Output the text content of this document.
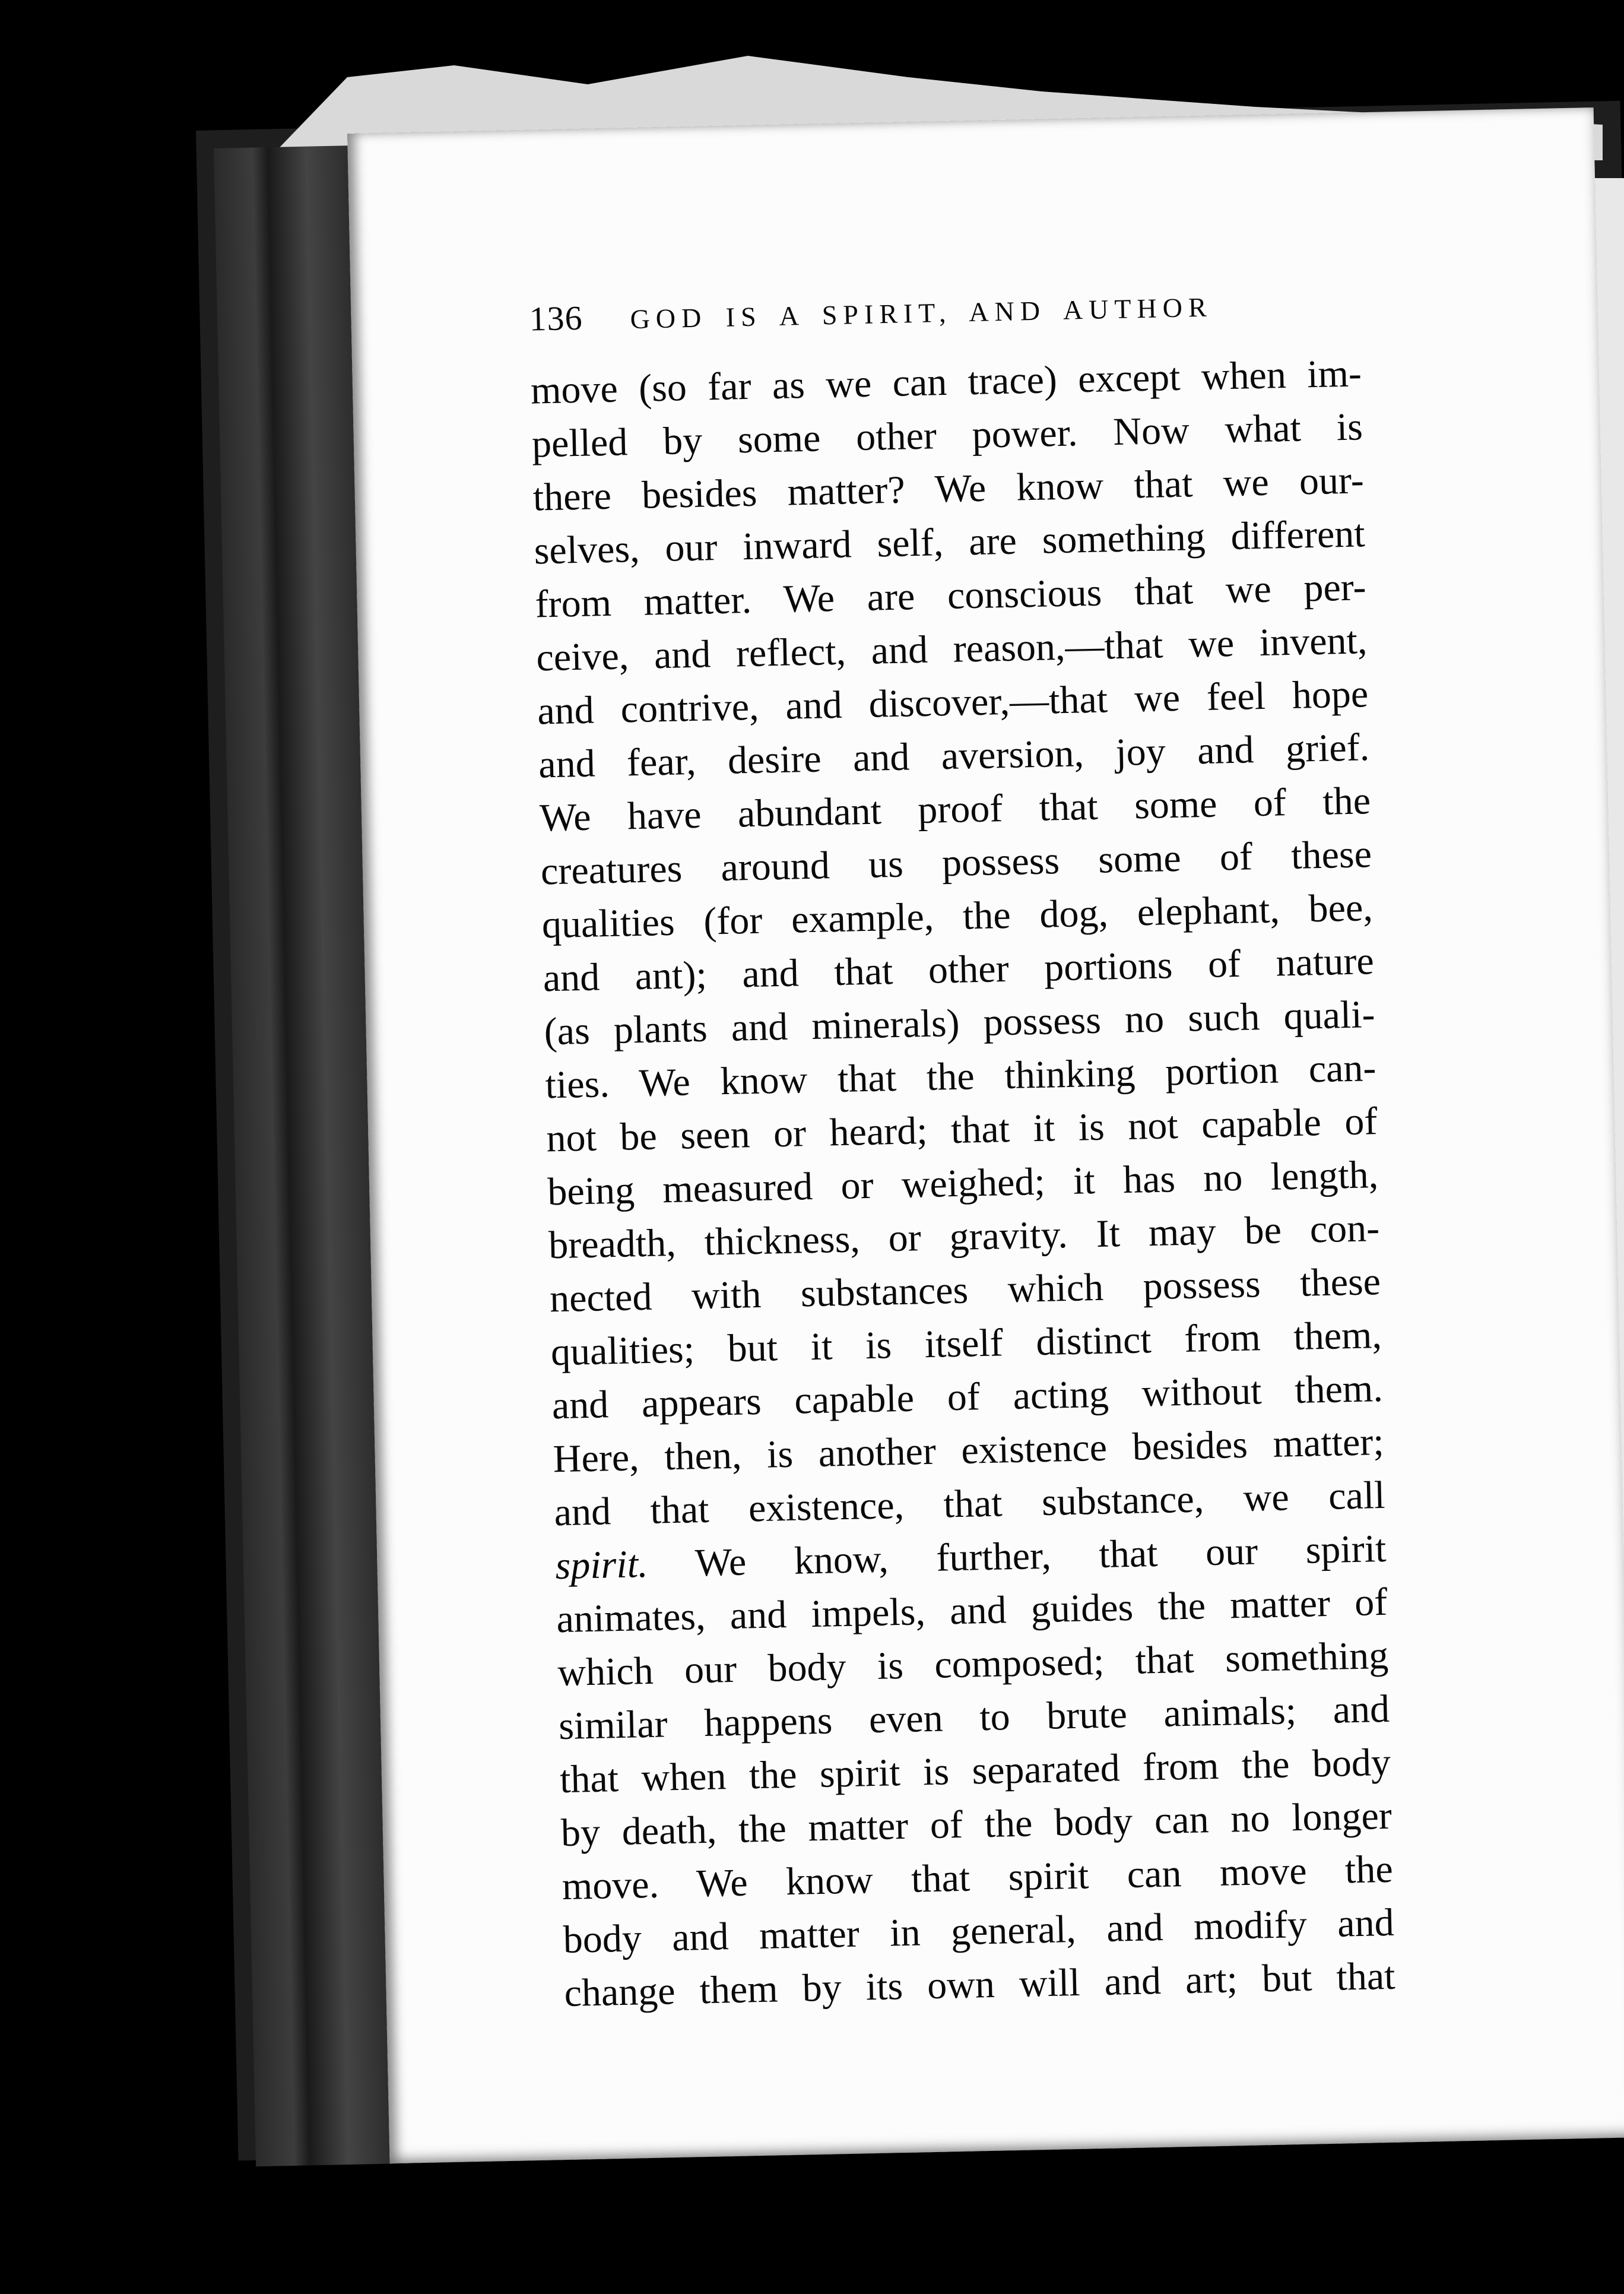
136	GOD IS A SPIRIT, AND AUTHOR
move (so far as we can trace) except when im-
pelled by some other power. Now what is
there besides matter? We know that we our-
selves, our inward self, are something different
from matter. We are conscious that we per-
ceive, and reflect, and reason,—that we invent,
and contrive, and discover,—that we feel hope
and fear, desire and aversion, joy and grief.
We have abundant proof that some of the
creatures around us possess some of these
qualities (for example, the dog, elephant, bee,
and ant); and that other portions of nature
(as plants and minerals) possess no such quali-
ties. We know that the thinking portion can-
not be seen or heard; that it is not capable of
being measured or weighed; it has no length,
breadth, thickness, or gravity. It may be con-
nected with substances which possess these
qualities; but it is itself distinct from them,
and appears capable of acting without them.
Here, then, is another existence besides matter;
and that existence, that substance, we call
spirit. We know, further, that our spirit
animates, and impels, and guides the matter of
which our body is composed; that something
similar happens even to brute animals; and
that when the spirit is separated from the body
by death, the matter of the body can no longer
move. We know that spirit can move the
body and matter in general, and modify and
change them by its own will and art; but that
